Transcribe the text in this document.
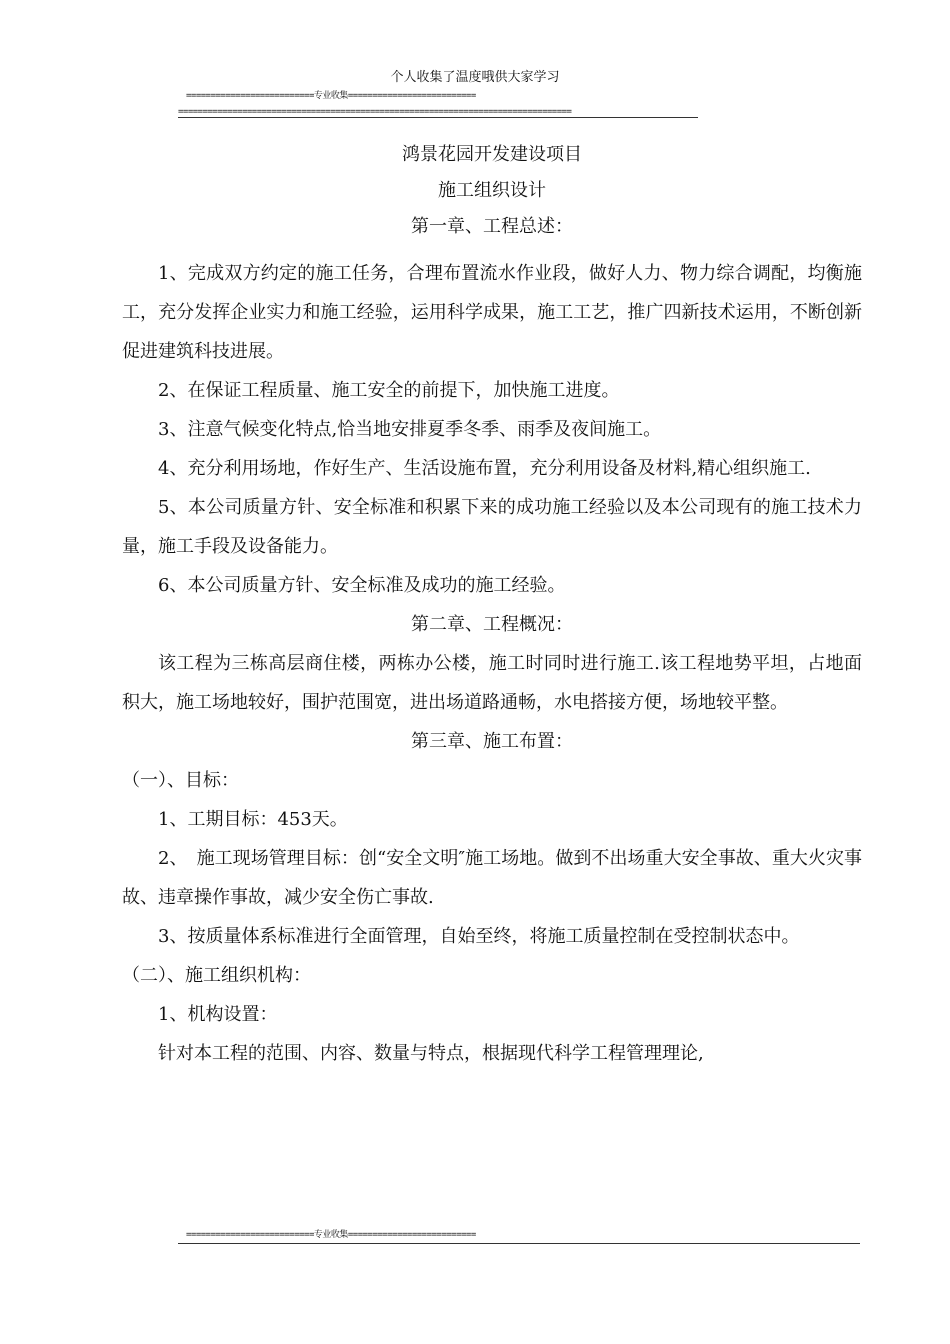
个人收集了温度哦供大家学习
==========================专业收集==========================
================================================================================
鸿景花园开发建设项目
施工组织设计
第一章、工程总述：

1、完成双方约定的施工任务，合理布置流水作业段，做好人力、物力综合调配，均衡施工，充分发挥企业实力和施工经验，运用科学成果，施工工艺，推广四新技术运用，不断创新促进建筑科技进展。

2、在保证工程质量、施工安全的前提下，加快施工进度。

3、注意气候变化特点,恰当地安排夏季冬季、雨季及夜间施工。

4、充分利用场地，作好生产、生活设施布置，充分利用设备及材料,精心组织施工.

5、本公司质量方针、安全标准和积累下来的成功施工经验以及本公司现有的施工技术力量，施工手段及设备能力。

6、本公司质量方针、安全标准及成功的施工经验。

第二章、工程概况：

该工程为三栋高层商住楼，两栋办公楼，施工时同时进行施工.该工程地势平坦，占地面积大，施工场地较好，围护范围宽，进出场道路通畅，水电搭接方便，场地较平整。

第三章、施工布置：

（一）、目标：

1、工期目标：453天。

2、　施工现场管理目标：创“安全文明″施工场地。做到不出场重大安全事故、重大火灾事故、违章操作事故，减少安全伤亡事故.

3、按质量体系标准进行全面管理，自始至终，将施工质量控制在受控制状态中。

（二）、施工组织机构：

1、机构设置：

针对本工程的范围、内容、数量与特点，根据现代科学工程管理理论,

==========================专业收集==========================
